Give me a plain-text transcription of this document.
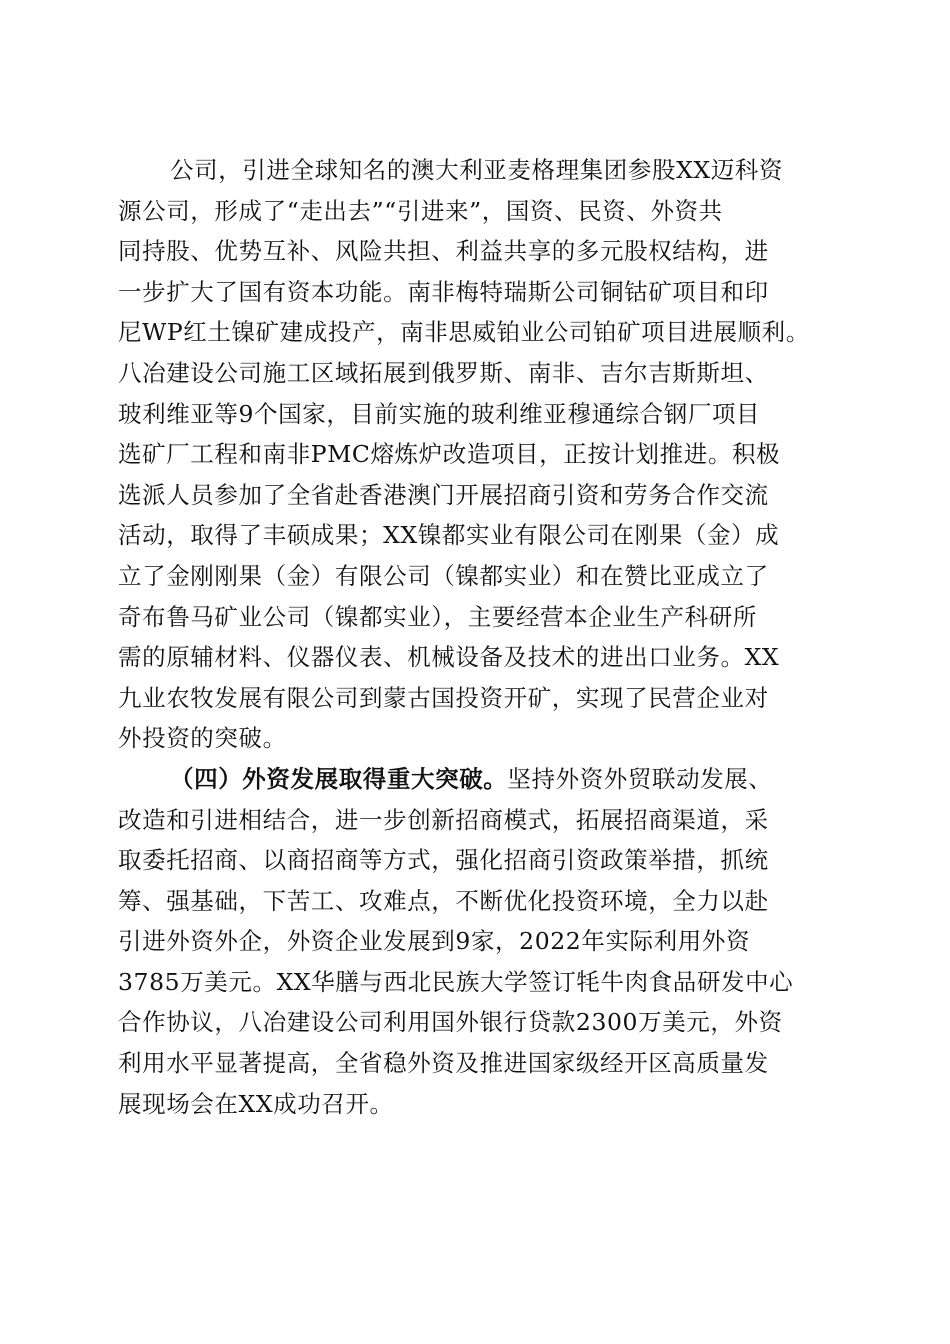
公司，引进全球知名的澳大利亚麦格理集团参股XX迈科资
源公司，形成了“走出去”“引进来”，国资、民资、外资共
同持股、优势互补、风险共担、利益共享的多元股权结构，进
一步扩大了国有资本功能。南非梅特瑞斯公司铜钴矿项目和印
尼WP红土镍矿建成投产，南非思威铂业公司铂矿项目进展顺利。
八冶建设公司施工区域拓展到俄罗斯、南非、吉尔吉斯斯坦、
玻利维亚等9个国家，目前实施的玻利维亚穆通综合钢厂项目
选矿厂工程和南非PMC熔炼炉改造项目，正按计划推进。积极
选派人员参加了全省赴香港澳门开展招商引资和劳务合作交流
活动，取得了丰硕成果；XX镍都实业有限公司在刚果（金）成
立了金刚刚果（金）有限公司（镍都实业）和在赞比亚成立了
奇布鲁马矿业公司（镍都实业），主要经营本企业生产科研所
需的原辅材料、仪器仪表、机械设备及技术的进出口业务。XX
九业农牧发展有限公司到蒙古国投资开矿，实现了民营企业对
外投资的突破。
（四）外资发展取得重大突破。坚持外资外贸联动发展、
改造和引进相结合，进一步创新招商模式，拓展招商渠道，采
取委托招商、以商招商等方式，强化招商引资政策举措，抓统
筹、强基础，下苦工、攻难点，不断优化投资环境，全力以赴
引进外资外企，外资企业发展到9家，2022年实际利用外资
3785万美元。XX华膳与西北民族大学签订牦牛肉食品研发中心
合作协议，八冶建设公司利用国外银行贷款2300万美元，外资
利用水平显著提高，全省稳外资及推进国家级经开区高质量发
展现场会在XX成功召开。
